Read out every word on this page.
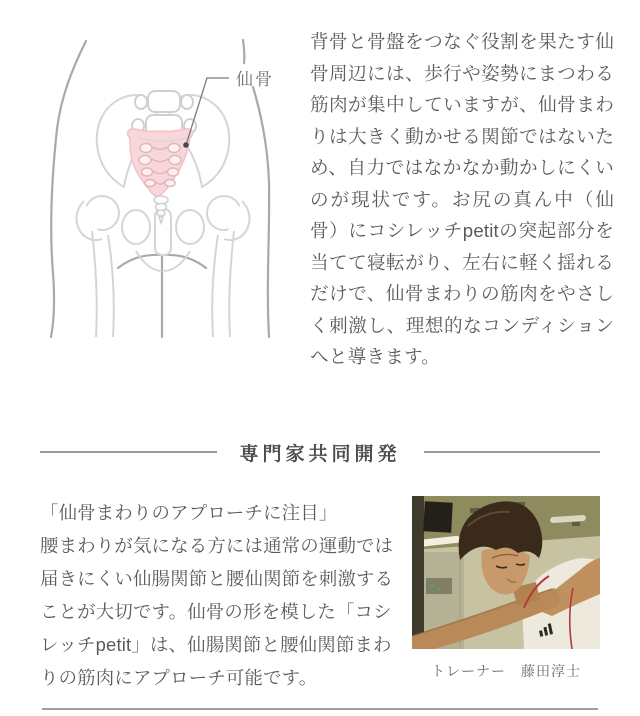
仙骨

背骨と骨盤をつなぐ役割を果たす仙骨周辺には、歩行や姿勢にまつわる筋肉が集中していますが、仙骨まわりは大きく動かせる関節ではないため、自力ではなかなか動かしにくいのが現状です。お尻の真ん中（仙骨）にコシレッチpetitの突起部分を当てて寝転がり、左右に軽く揺れるだけで、仙骨まわりの筋肉をやさしく刺激し、理想的なコンディションへと導きます。

専門家共同開発

「仙骨まわりのアプローチに注目」

腰まわりが気になる方には通常の運動では届きにくい仙腸関節と腰仙関節を刺激することが大切です。仙骨の形を模した「コシレッチpetit」は、仙腸関節と腰仙関節まわりの筋肉にアプローチ可能です。	トレーナー　藤田淳士
